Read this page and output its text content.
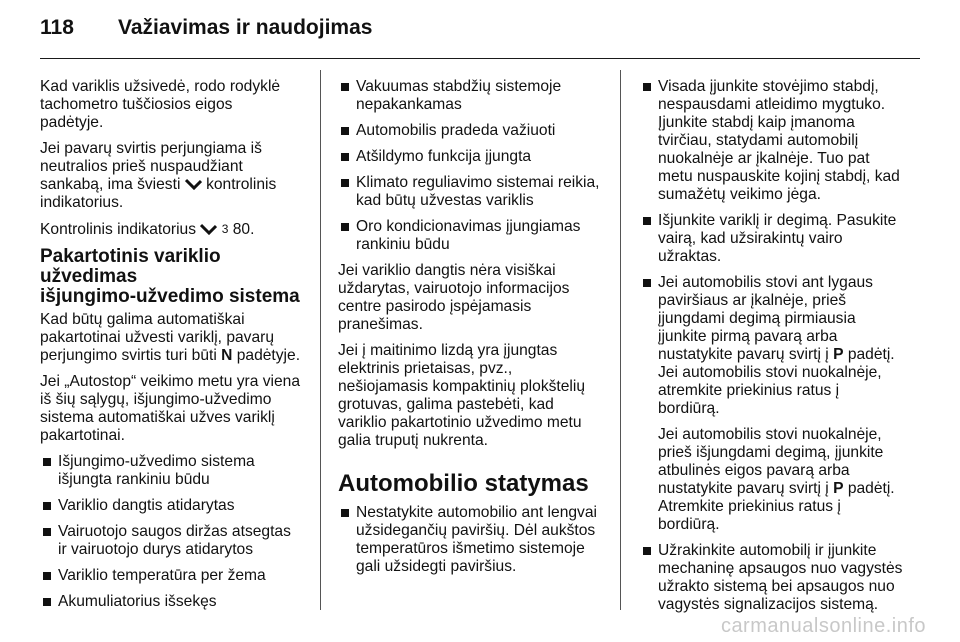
118 Važiavimas ir naudojimas

Kad variklis užsivedė, rodo rodyklė
tachometro tuščiosios eigos
padėtyje.

Jei pavarų svirtis perjungiama iš
neutralios prieš nuspaudžiant
sankabą, ima šviesti  kontrolinis
indikatorius.

Kontrolinis indikatorius  3 80.

Pakartotinis variklio užvedimas
išjungimo-užvedimo sistema

Kad būtų galima automatiškai
pakartotinai užvesti variklį, pavarų
perjungimo svirtis turi būti N padėtyje.

Jei „Autostop“ veikimo metu yra viena
iš šių sąlygų, išjungimo-užvedimo
sistema automatiškai užves variklį
pakartotinai.

Išjungimo-užvedimo sistema
išjungta rankiniu būdu
Variklio dangtis atidarytas
Vairuotojo saugos diržas atsegtas
ir vairuotojo durys atidarytos
Variklio temperatūra per žema
Akumuliatorius išsekęs
Vakuumas stabdžių sistemoje
nepakankamas
Automobilis pradeda važiuoti
Atšildymo funkcija įjungta
Klimato reguliavimo sistemai reikia,
kad būtų užvestas variklis
Oro kondicionavimas įjungiamas
rankiniu būdu

Jei variklio dangtis nėra visiškai
uždarytas, vairuotojo informacijos
centre pasirodo įspėjamasis
pranešimas.

Jei į maitinimo lizdą yra įjungtas
elektrinis prietaisas, pvz.,
nešiojamasis kompaktinių plokštelių
grotuvas, galima pastebėti, kad
variklio pakartotinio užvedimo metu
galia truputį nukrenta.

Automobilio statymas
Nestatykite automobilio ant lengvai
užsidegančių paviršių. Dėl aukštos
temperatūros išmetimo sistemoje
gali užsidegti paviršius.
Visada įjunkite stovėjimo stabdį,
nespausdami atleidimo mygtuko.
Įjunkite stabdį kaip įmanoma
tvirčiau, statydami automobilį
nuokalnėje ar įkalnėje. Tuo pat
metu nuspauskite kojinį stabdį, kad
sumažėtų veikimo jėga.
Išjunkite variklį ir degimą. Pasukite
vairą, kad užsirakintų vairo
užraktas.
Jei automobilis stovi ant lygaus
paviršiaus ar įkalnėje, prieš
įjungdami degimą pirmiausia
įjunkite pirmą pavarą arba
nustatykite pavarų svirtį į P padėtį.
Jei automobilis stovi nuokalnėje,
atremkite priekinius ratus į
bordiūrą.
Jei automobilis stovi nuokalnėje,
prieš išjungdami degimą, įjunkite
atbulinės eigos pavarą arba
nustatykite pavarų svirtį į P padėtį.
Atremkite priekinius ratus į
bordiūrą.
Užrakinkite automobilį ir įjunkite
mechaninę apsaugos nuo vagystės
užrakto sistemą bei apsaugos nuo
vagystės signalizacijos sistemą.
carmanualsonline.info
